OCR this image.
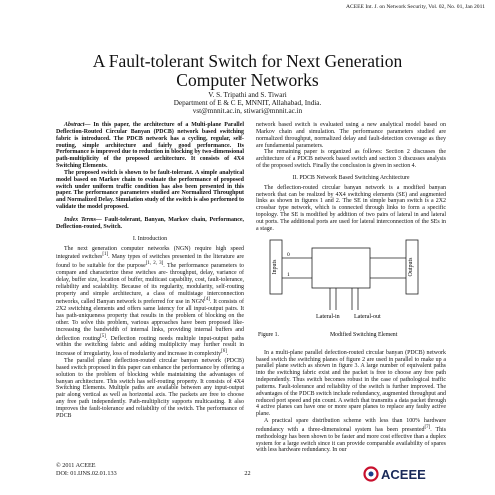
ACEEE Int. J. on Network Security, Vol. 02, No. 01, Jan 2011
A Fault-tolerant Switch for Next Generation
Computer Networks
V. S. Tripathi and S. Tiwari
Department of E & C E, MNNIT, Allahabad, India.
vst@mnnit.ac.in, stiwari@mnnit.ac.in

Abstract— In this paper, the architecture of a Multi-plane Parallel Deflection-Routed Circular Banyan (PDCB) network based switching fabric is introduced. The PDCB network has a cycling, regular, self-routing, simple architecture and fairly good performance. Its Performance is improved due to reduction in blocking by two-dimensional path-multiplicity of the proposed architecture. It consists of 4X4 Switching Elements.

The proposed switch is shown to be fault-tolerant. A simple analytical model based on Markov chain to evaluate the performance of proposed switch under uniform traffic condition has also been presented in this paper. The performance parameters studied are Normalized Throughput and Normalized Delay. Simulation study of the switch is also performed to validate the model proposed.

Index Terms— Fault-tolerant, Banyan, Markov chain, Performance, Deflection-routed, Switch.

I. Introduction

The next generation computer networks (NGN) require high speed integrated switches[1]. Many types of switches presented in the literature are found to be suitable for the purpose[1, 2, 3]. The performance parameters to compare and characterize these switches are- throughput, delay, variance of delay, buffer size, location of buffer, multicast capability, cost, fault-tolerance, reliability and scalability. Because of its regularity, modularity, self-routing property and simple architecture, a class of multistage interconnection networks, called Banyan network is preferred for use in NGN[4]. It consists of 2X2 switching elements and offers same latency for all input-output pairs. It has path-uniqueness property that results in the problem of blocking on the other. To solve this problem, various approaches have been proposed like- increasing the bandwidth of internal links, providing internal buffers and deflection routing[5]. Deflection routing needs multiple input-output paths within the switching fabric and adding multiplicity may further result in increase of irregularity, loss of modularity and increase in complexity[6].

The parallel plane deflection-routed circular banyan network (PDCB) based switch proposed in this paper can enhance the performance by offering a solution to the problem of blocking while maintaining the advantages of banyan architecture. This switch has self-routing property. It consists of 4X4 Switching Elements. Multiple paths are available between any input-output pair along vertical as well as horizontal axis. The packets are free to choose any free path independently. Path-multiplicity supports multicasting. It also improves the fault-tolerance and reliability of the switch. The performance of PDCB

network based switch is evaluated using a new analytical model based on Markov chain and simulation. The performance parameters studied are normalized throughput, normalized delay and fault-detection coverage as they are fundamental parameters.

The remaining paper is organized as follows: Section 2 discusses the architecture of a PDCB network based switch and section 3 discusses analysis of the proposed switch. Finally the conclusion is given in section 4.

II. PDCB Network Based Switching Architecture

The deflection-routed circular banyan network is a modified banyan network that can be realized by 4X4 switching elements (SE) and augmented links as shown in figures 1 and 2. The SE in simple banyan switch is a 2X2 crossbar type network, which is connected through links to form a specific topology. The SE is modified by addition of two pairs of lateral in and lateral out ports. The additional ports are used for lateral interconnection of the SEs in a stage.

Inputs	Outputs
0
1
Lateral-in Lateral-out
Figure 1.	Modified Switching Element

In a multi-plane parallel defection-routed circular banyan (PDCB) network based switch the switching planes of figure 2 are used in parallel to make up a parallel plane switch as shown in figure 3. A large number of equivalent paths into the switching fabric exist and the packet is free to choose any free path independently. Thus switch becomes robust in the case of pathological traffic patterns. Fault-tolerance and reliability of the switch is further improved. The advantages of the PDCB switch include redundancy, augmented throughput and reduced port speed and pin count. A switch that transmits a data packet through 4 active planes can have one or more spare planes to replace any faulty active plane.

A practical spare distribution scheme with less than 100% hardware redundancy with a three-dimensional system has been presented[7]. This methodology has been shown to be faster and more cost effective than a duplex system for a large switch since it can provide comparable availability of spares with less hardware redundancy. In our

© 2011 ACEEE
DOI: 01.IJNS.02.01.133	22	ACEEE
